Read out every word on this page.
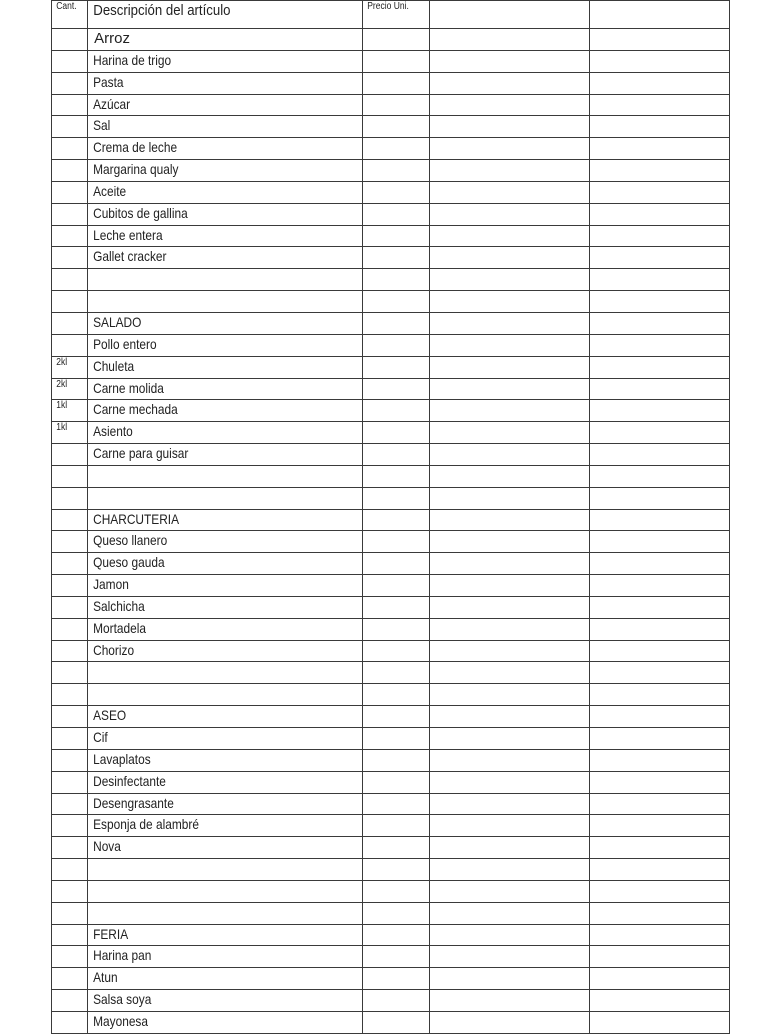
Cant.	Descripción del artículo	Precio Uni.		

	Arroz			

	Harina de trigo			

	Pasta			

	Azúcar			

	Sal			

	Crema de leche			

	Margarina qualy			

	Aceite			

	Cubitos de gallina			

	Leche entera			

	Gallet cracker			

	SALADO			

	Pollo entero			

2kl	Chuleta			

2kl	Carne molida			

1kl	Carne mechada			

1kl	Asiento			

	Carne para guisar			

	CHARCUTERIA			

	Queso llanero			

	Queso gauda			

	Jamon			

	Salchicha			

	Mortadela			

	Chorizo			

	ASEO			

	Cif			

	Lavaplatos			

	Desinfectante			

	Desengrasante			

	Esponja de alambré			

	Nova			

	FERIA			

	Harina pan			

	Atun			

	Salsa soya			

	Mayonesa			
